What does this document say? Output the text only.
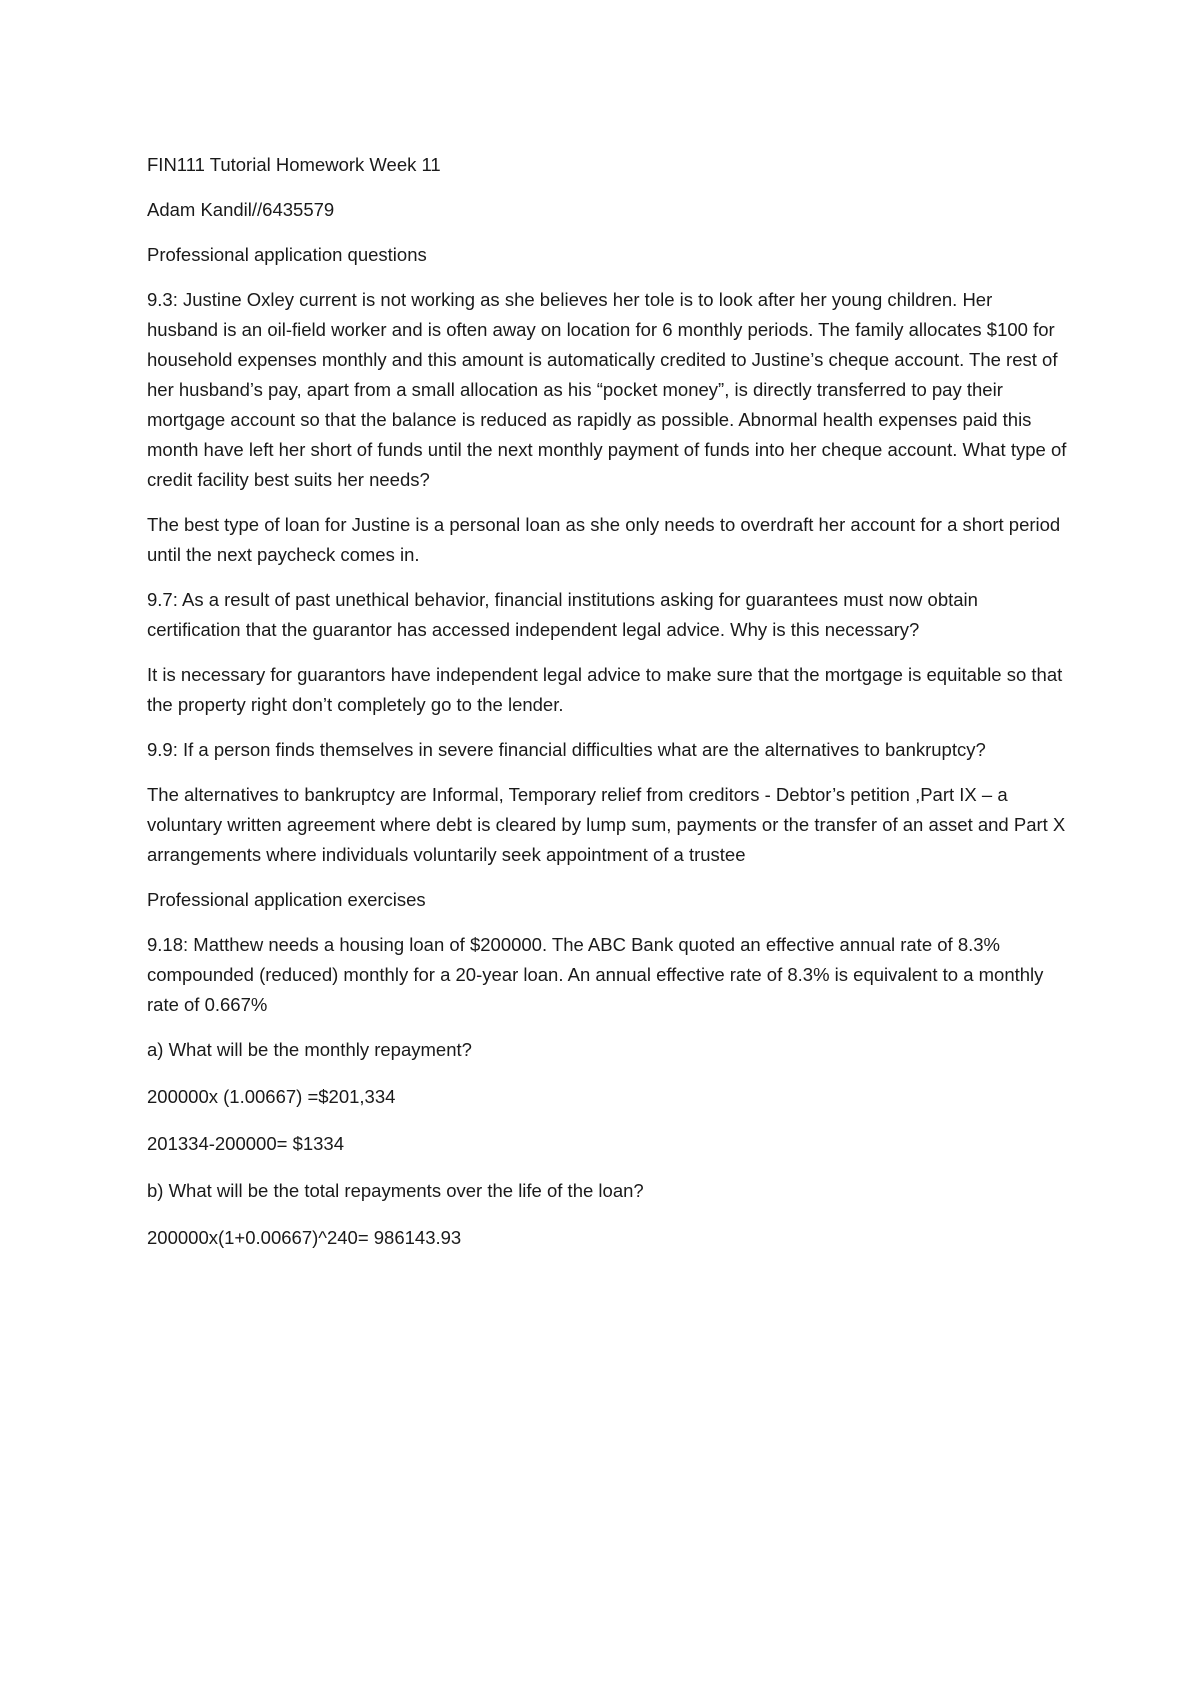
FIN111 Tutorial Homework Week 11

Adam Kandil//6435579

Professional application questions

9.3: Justine Oxley current is not working as she believes her tole is to look after her young children. Her husband is an oil-field worker and is often away on location for 6 monthly periods. The family allocates $100 for household expenses monthly and this amount is automatically credited to Justine’s cheque account. The rest of her husband’s pay, apart from a small allocation as his “pocket money”, is directly transferred to pay their mortgage account so that the balance is reduced as rapidly as possible. Abnormal health expenses paid this month have left her short of funds until the next monthly payment of funds into her cheque account. What type of credit facility best suits her needs?

The best type of loan for Justine is a personal loan as she only needs to overdraft her account for a short period until the next paycheck comes in.

9.7: As a result of past unethical behavior, financial institutions asking for guarantees must now obtain certification that the guarantor has accessed independent legal advice. Why is this necessary?

It is necessary for guarantors have independent legal advice to make sure that the mortgage is equitable so that the property right don’t completely go to the lender.

9.9: If a person finds themselves in severe financial difficulties what are the alternatives to bankruptcy?

The alternatives to bankruptcy are Informal, Temporary relief from creditors - Debtor’s petition ,Part IX – a voluntary written agreement where debt is cleared by lump sum, payments or the transfer of an asset and Part X arrangements where individuals voluntarily seek appointment of a trustee

Professional application exercises

9.18: Matthew needs a housing loan of $200000. The ABC Bank quoted an effective annual rate of 8.3% compounded (reduced) monthly for a 20-year loan. An annual effective rate of 8.3% is equivalent to a monthly rate of 0.667%

a) What will be the monthly repayment?

200000x (1.00667) =$201,334

201334-200000= $1334

b) What will be the total repayments over the life of the loan?

200000x(1+0.00667)^240= 986143.93
